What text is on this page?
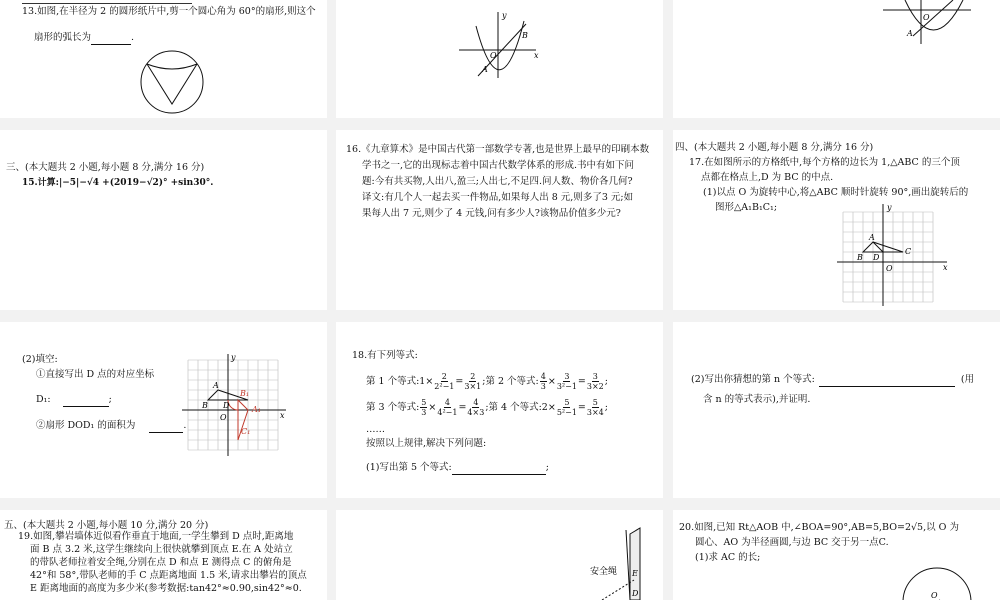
13.如图,在半径为 2 的圆形纸片中,剪一个圆心角为 60°的扇形,则这个

扇形的弧长为	.

y
O
B
A
x
O
A

三、(本大题共 2 小题,每小题 8 分,满分 16 分)

15.计算:|−5|−√4 +(2019−√2)° +sin30°.

16.《九章算术》是中国古代第一部数学专著,也是世界上最早的印刷本数

学书之一,它的出现标志着中国古代数学体系的形成.书中有如下问

题:今有共买物,人出八,盈三;人出七,不足四.问人数、物价各几何?

译文:有几个人一起去买一件物品,如果每人出 8 元,则多了3 元;如

果每人出 7 元,则少了 4 元钱,问有多少人?该物品价值多少元?

四、(本大题共 2 小题,每小题 8 分,满分 16 分)

17.在如图所示的方格纸中,每个方格的边长为 1,△ABC 的三个顶

点都在格点上,D 为 BC 的中点.

(1)以点 O 为旋转中心,将△ABC 顺时针旋转 90°,画出旋转后的

图形△A₁B₁C₁;	y
A
C
B D
O	x

(2)填空:

①直接写出 D 点的对应坐标

D₁:	;

②扇形 DOD₁ 的面积为	.

y
A
B
B₁
A₁
D
O
C₁
x

18.有下列等式:

第 1 个等式:1× $\frac{2}{\text{2²−1}} = \frac{2}{3\times 1}$ ;第 2 个等式: $\frac{4}{3} \times \frac{3}{\text{3²−1}} = \frac{3}{3\times 2}$ ;

第 3 个等式: $\frac{5}{3} \times \frac{4}{\text{4²−1}} = \frac{4}{4\times 3}$ ;第 4 个等式:2× $\frac{5}{\text{5²−1}} = \frac{5}{3\times 4}$ ;

……

按照以上规律,解决下列问题:

(1)写出第 5 个等式:	;

(2)写出你猜想的第 n 个等式:	(用

含 n 的等式表示),并证明.

五、(本大题共 2 小题,每小题 10 分,满分 20 分)

19.如图,攀岩墙体近似看作垂直于地面,一学生攀到 D 点时,距离地

面 B 点 3.2 米,这学生继续向上很快就攀到顶点 E.在 A 处站立

的带队老师拉着安全绳,分别在点 D 和点 E 测得点 C 的俯角是

42°和 58°,带队老师的手 C 点距离地面 1.5 米,请求出攀岩的顶点

E 距离地面的高度为多少米(参考数据:tan42°≈0.90,sin42°≈0.

安全绳 E
D

20.如图,已知 Rt△AOB 中,∠BOA=90°,AB=5,BO=2√5,以 O 为

圆心、AO 为半径画圆,与边 BC 交于另一点C.

(1)求 AC 的长;

O
